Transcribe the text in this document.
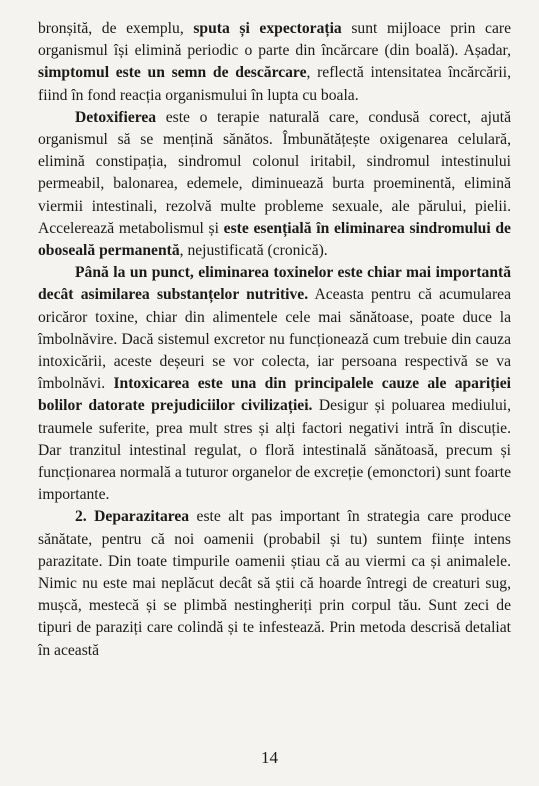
bronșită, de exemplu, sputa și expectorația sunt mijloace prin care organismul își elimină periodic o parte din încărcare (din boală). Așadar, simptomul este un semn de descărcare, reflectă intensitatea încărcării, fiind în fond reacția organismului în lupta cu boala.

Detoxifierea este o terapie naturală care, condusă corect, ajută organismul să se mențină sănătos. Îmbunătățește oxigenarea celulară, elimină constipația, sindromul colonul iritabil, sindromul intestinului permeabil, balonarea, edemele, diminuează burta proeminentă, elimină viermii intestinali, rezolvă multe probleme sexuale, ale părului, pielii. Accelerează metabolismul și este esențială în eliminarea sindromului de oboseală permanentă, nejustificată (cronică).

Până la un punct, eliminarea toxinelor este chiar mai importantă decât asimilarea substanțelor nutritive. Aceasta pentru că acumularea oricăror toxine, chiar din alimentele cele mai sănătoase, poate duce la îmbolnăvire. Dacă sistemul excretor nu funcționează cum trebuie din cauza intoxicării, aceste deșeuri se vor colecta, iar persoana respectivă se va îmbolnăvi. Intoxicarea este una din principalele cauze ale apariției bolilor datorate prejudiciilor civilizației. Desigur și poluarea mediului, traumele suferite, prea mult stres și alți factori negativi intră în discuție. Dar tranzitul intestinal regulat, o floră intestinală sănătoasă, precum și funcționarea normală a tuturor organelor de excreție (emonctori) sunt foarte importante.

2. Deparazitarea este alt pas important în strategia care produce sănătate, pentru că noi oamenii (probabil și tu) suntem ființe intens parazitate. Din toate timpurile oamenii știau că au viermi ca și animalele. Nimic nu este mai neplăcut decât să știi că hoarde întregi de creaturi sug, mușcă, mestecă și se plimbă nestingheriți prin corpul tău. Sunt zeci de tipuri de paraziți care colindă și te infestează. Prin metoda descrisă detaliat în această

14
